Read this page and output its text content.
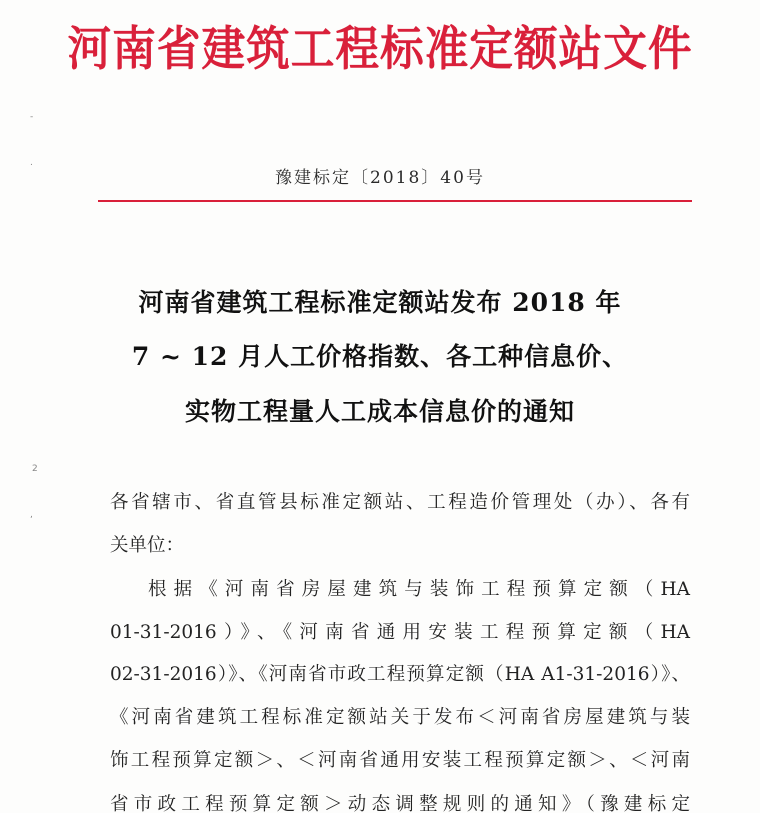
-
.
2
,
河南省建筑工程标准定额站文件
豫建标定〔2018〕40号
河南省建筑工程标准定额站发布 2018 年
7 ~ 12 月人工价格指数、各工种信息价、
实物工程量人工成本信息价的通知
各省辖市、省直管县标准定额站、工程造价管理处（办）、各有
关单位：
根据《河南省房屋建筑与装饰工程预算定额（HA
01-31-2016）》、《河南省通用安装工程预算定额（HA
02-31-2016）》、《河南省市政工程预算定额（HA A1-31-2016）》、
《河南省建筑工程标准定额站关于发布＜河南省房屋建筑与装
饰工程预算定额＞、＜河南省通用安装工程预算定额＞、＜河南
省市政工程预算定额＞动态调整规则的通知》（豫建标定
